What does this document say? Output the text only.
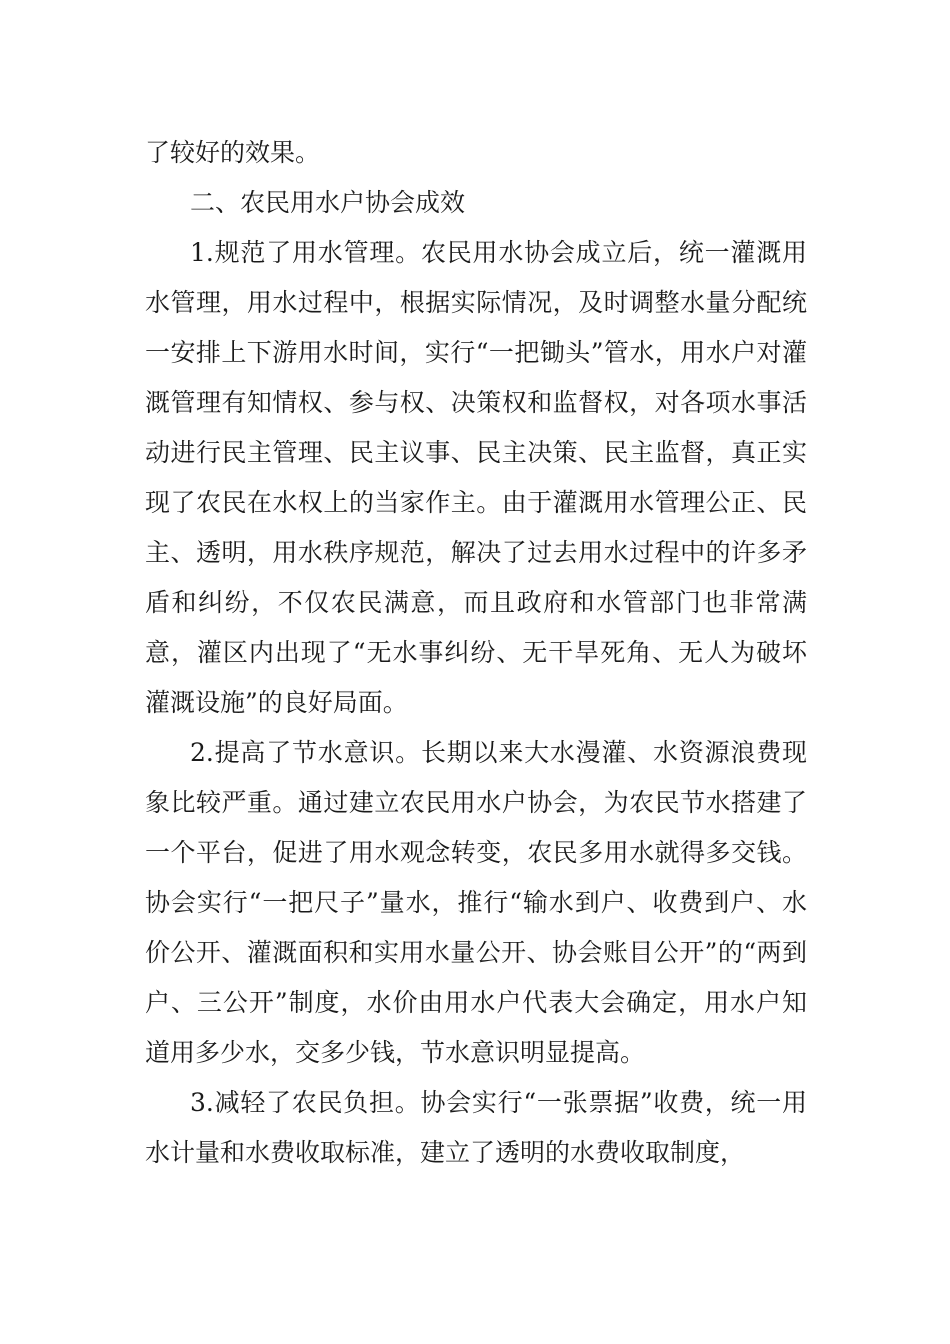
了较好的效果。

二、农民用水户协会成效

1.规范了用水管理。农民用水协会成立后，统一灌溉用水管理，用水过程中，根据实际情况，及时调整水量分配统一安排上下游用水时间，实行“一把锄头”管水，用水户对灌溉管理有知情权、参与权、决策权和监督权，对各项水事活动进行民主管理、民主议事、民主决策、民主监督，真正实现了农民在水权上的当家作主。由于灌溉用水管理公正、民主、透明，用水秩序规范，解决了过去用水过程中的许多矛盾和纠纷，不仅农民满意，而且政府和水管部门也非常满意，灌区内出现了“无水事纠纷、无干旱死角、无人为破坏灌溉设施”的良好局面。

2.提高了节水意识。长期以来大水漫灌、水资源浪费现象比较严重。通过建立农民用水户协会，为农民节水搭建了一个平台，促进了用水观念转变，农民多用水就得多交钱。协会实行“一把尺子”量水，推行“输水到户、收费到户、水价公开、灌溉面积和实用水量公开、协会账目公开”的“两到户、三公开”制度，水价由用水户代表大会确定，用水户知道用多少水，交多少钱，节水意识明显提高。

3.减轻了农民负担。协会实行“一张票据”收费，统一用水计量和水费收取标准，建立了透明的水费收取制度，
